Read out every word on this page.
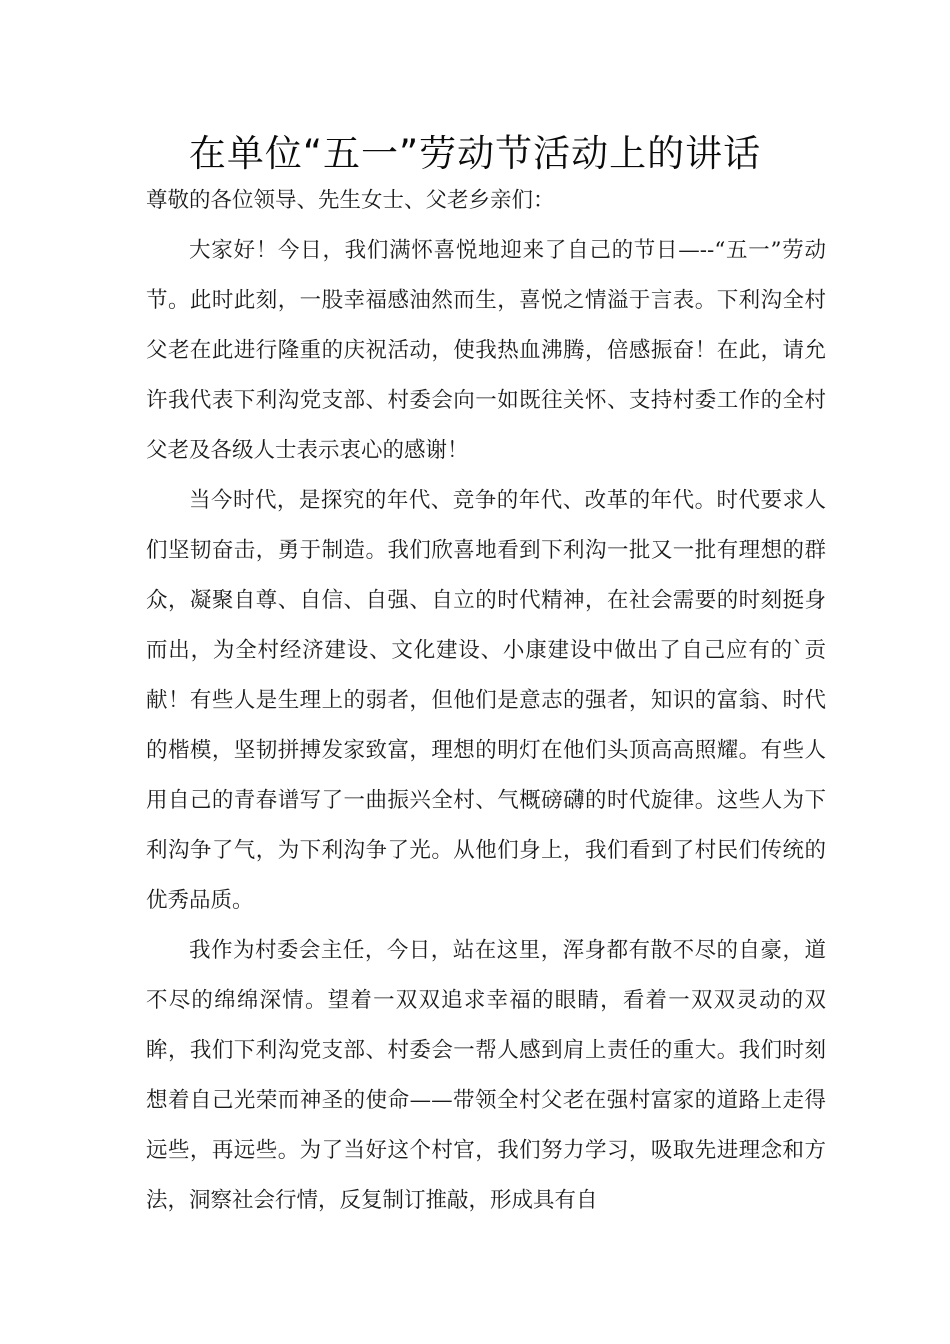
在单位“五一”劳动节活动上的讲话

尊敬的各位领导、先生女士、父老乡亲们：

大家好！今日，我们满怀喜悦地迎来了自己的节日—--“五一”劳动节。此时此刻，一股幸福感油然而生，喜悦之情溢于言表。下利沟全村父老在此进行隆重的庆祝活动，使我热血沸腾，倍感振奋！在此，请允许我代表下利沟党支部、村委会向一如既往关怀、支持村委工作的全村父老及各级人士表示衷心的感谢！

当今时代，是探究的年代、竞争的年代、改革的年代。时代要求人们坚韧奋击，勇于制造。我们欣喜地看到下利沟一批又一批有理想的群众，凝聚自尊、自信、自强、自立的时代精神，在社会需要的时刻挺身而出，为全村经济建设、文化建设、小康建设中做出了自己应有的`贡献！有些人是生理上的弱者，但他们是意志的强者，知识的富翁、时代的楷模，坚韧拼搏发家致富，理想的明灯在他们头顶高高照耀。有些人用自己的青春谱写了一曲振兴全村、气概磅礴的时代旋律。这些人为下利沟争了气，为下利沟争了光。从他们身上，我们看到了村民们传统的优秀品质。

我作为村委会主任，今日，站在这里，浑身都有散不尽的自豪，道不尽的绵绵深情。望着一双双追求幸福的眼睛，看着一双双灵动的双眸，我们下利沟党支部、村委会一帮人感到肩上责任的重大。我们时刻想着自己光荣而神圣的使命——带领全村父老在强村富家的道路上走得远些，再远些。为了当好这个村官，我们努力学习，吸取先进理念和方法，洞察社会行情，反复制订推敲，形成具有自
